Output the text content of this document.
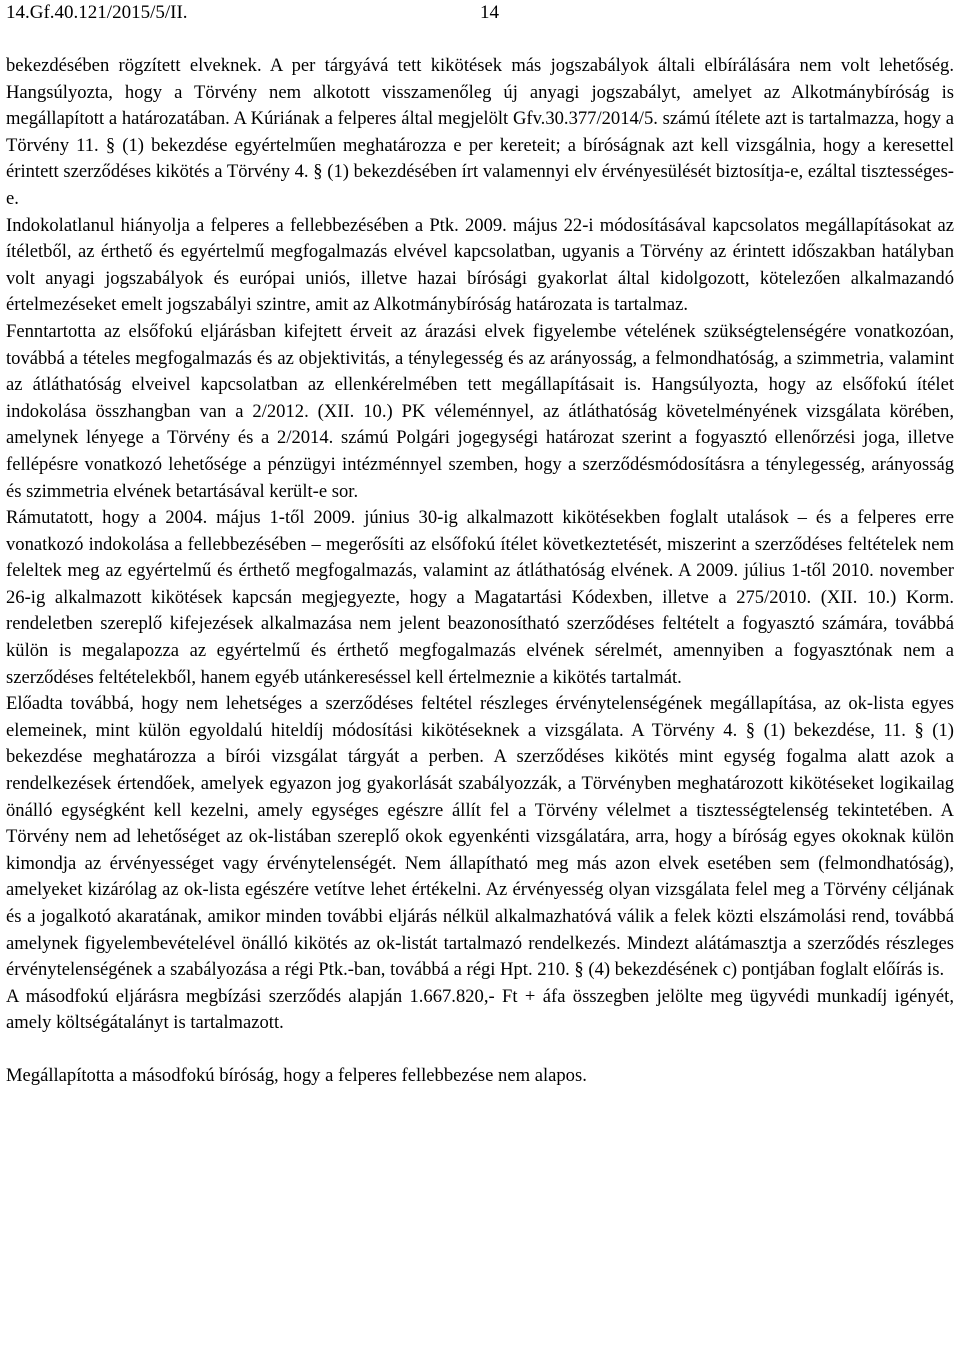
14.Gf.40.121/2015/5/II.	14

bekezdésében rögzített elveknek. A per tárgyává tett kikötések más jogszabályok általi elbírálására nem volt lehetőség. Hangsúlyozta, hogy a Törvény nem alkotott visszamenőleg új anyagi jogszabályt, amelyet az Alkotmánybíróság is megállapított a határozatában. A Kúriának a felperes által megjelölt Gfv.30.377/2014/5. számú ítélete azt is tartalmazza, hogy a Törvény 11. § (1) bekezdése egyértelműen meghatározza e per kereteit; a bíróságnak azt kell vizsgálnia, hogy a keresettel érintett szerződéses kikötés a Törvény 4. § (1) bekezdésében írt valamennyi elv érvényesülését biztosítja-e, ezáltal tisztességes-e.

Indokolatlanul hiányolja a felperes a fellebbezésében a Ptk. 2009. május 22-i módosításával kapcsolatos megállapításokat az ítéletből, az érthető és egyértelmű megfogalmazás elvével kapcsolatban, ugyanis a Törvény az érintett időszakban hatályban volt anyagi jogszabályok és európai uniós, illetve hazai bírósági gyakorlat által kidolgozott, kötelezően alkalmazandó értelmezéseket emelt jogszabályi szintre, amit az Alkotmánybíróság határozata is tartalmaz.

Fenntartotta az elsőfokú eljárásban kifejtett érveit az árazási elvek figyelembe vételének szükségtelenségére vonatkozóan, továbbá a tételes megfogalmazás és az objektivitás, a ténylegesség és az arányosság, a felmondhatóság, a szimmetria, valamint az átláthatóság elveivel kapcsolatban az ellenkérelmében tett megállapításait is. Hangsúlyozta, hogy az elsőfokú ítélet indokolása összhangban van a 2/2012. (XII. 10.) PK véleménnyel, az átláthatóság követelményének vizsgálata körében, amelynek lényege a Törvény és a 2/2014. számú Polgári jogegységi határozat szerint a fogyasztó ellenőrzési joga, illetve fellépésre vonatkozó lehetősége a pénzügyi intézménnyel szemben, hogy a szerződésmódosításra a ténylegesség, arányosság és szimmetria elvének betartásával került-e sor.

Rámutatott, hogy a 2004. május 1-től 2009. június 30-ig alkalmazott kikötésekben foglalt utalások – és a felperes erre vonatkozó indokolása a fellebbezésében – megerősíti az elsőfokú ítélet következtetését, miszerint a szerződéses feltételek nem feleltek meg az egyértelmű és érthető megfogalmazás, valamint az átláthatóság elvének. A 2009. július 1-től 2010. november 26-ig alkalmazott kikötések kapcsán megjegyezte, hogy a Magatartási Kódexben, illetve a 275/2010. (XII. 10.) Korm. rendeletben szereplő kifejezések alkalmazása nem jelent beazonosítható szerződéses feltételt a fogyasztó számára, továbbá külön is megalapozza az egyértelmű és érthető megfogalmazás elvének sérelmét, amennyiben a fogyasztónak nem a szerződéses feltételekből, hanem egyéb utánkereséssel kell értelmeznie a kikötés tartalmát.

Előadta továbbá, hogy nem lehetséges a szerződéses feltétel részleges érvénytelenségének megállapítása, az ok-lista egyes elemeinek, mint külön egyoldalú hiteldíj módosítási kikötéseknek a vizsgálata. A Törvény 4. § (1) bekezdése, 11. § (1) bekezdése meghatározza a bírói vizsgálat tárgyát a perben. A szerződéses kikötés mint egység fogalma alatt azok a rendelkezések értendőek, amelyek egyazon jog gyakorlását szabályozzák, a Törvényben meghatározott kikötéseket logikailag önálló egységként kell kezelni, amely egységes egészre állít fel a Törvény vélelmet a tisztességtelenség tekintetében. A Törvény nem ad lehetőséget az ok-listában szereplő okok egyenkénti vizsgálatára, arra, hogy a bíróság egyes okoknak külön kimondja az érvényességet vagy érvénytelenségét. Nem állapítható meg más azon elvek esetében sem (felmondhatóság), amelyeket kizárólag az ok-lista egészére vetítve lehet értékelni. Az érvényesség olyan vizsgálata felel meg a Törvény céljának és a jogalkotó akaratának, amikor minden további eljárás nélkül alkalmazhatóvá válik a felek közti elszámolási rend, továbbá amelynek figyelembevételével önálló kikötés az ok-listát tartalmazó rendelkezés. Mindezt alátámasztja a szerződés részleges érvénytelenségének a szabályozása a régi Ptk.-ban, továbbá a régi Hpt. 210. § (4) bekezdésének c) pontjában foglalt előírás is.

A másodfokú eljárásra megbízási szerződés alapján 1.667.820,- Ft + áfa összegben jelölte meg ügyvédi munkadíj igényét, amely költségátalányt is tartalmazott.

Megállapította a másodfokú bíróság, hogy a felperes fellebbezése nem alapos.
